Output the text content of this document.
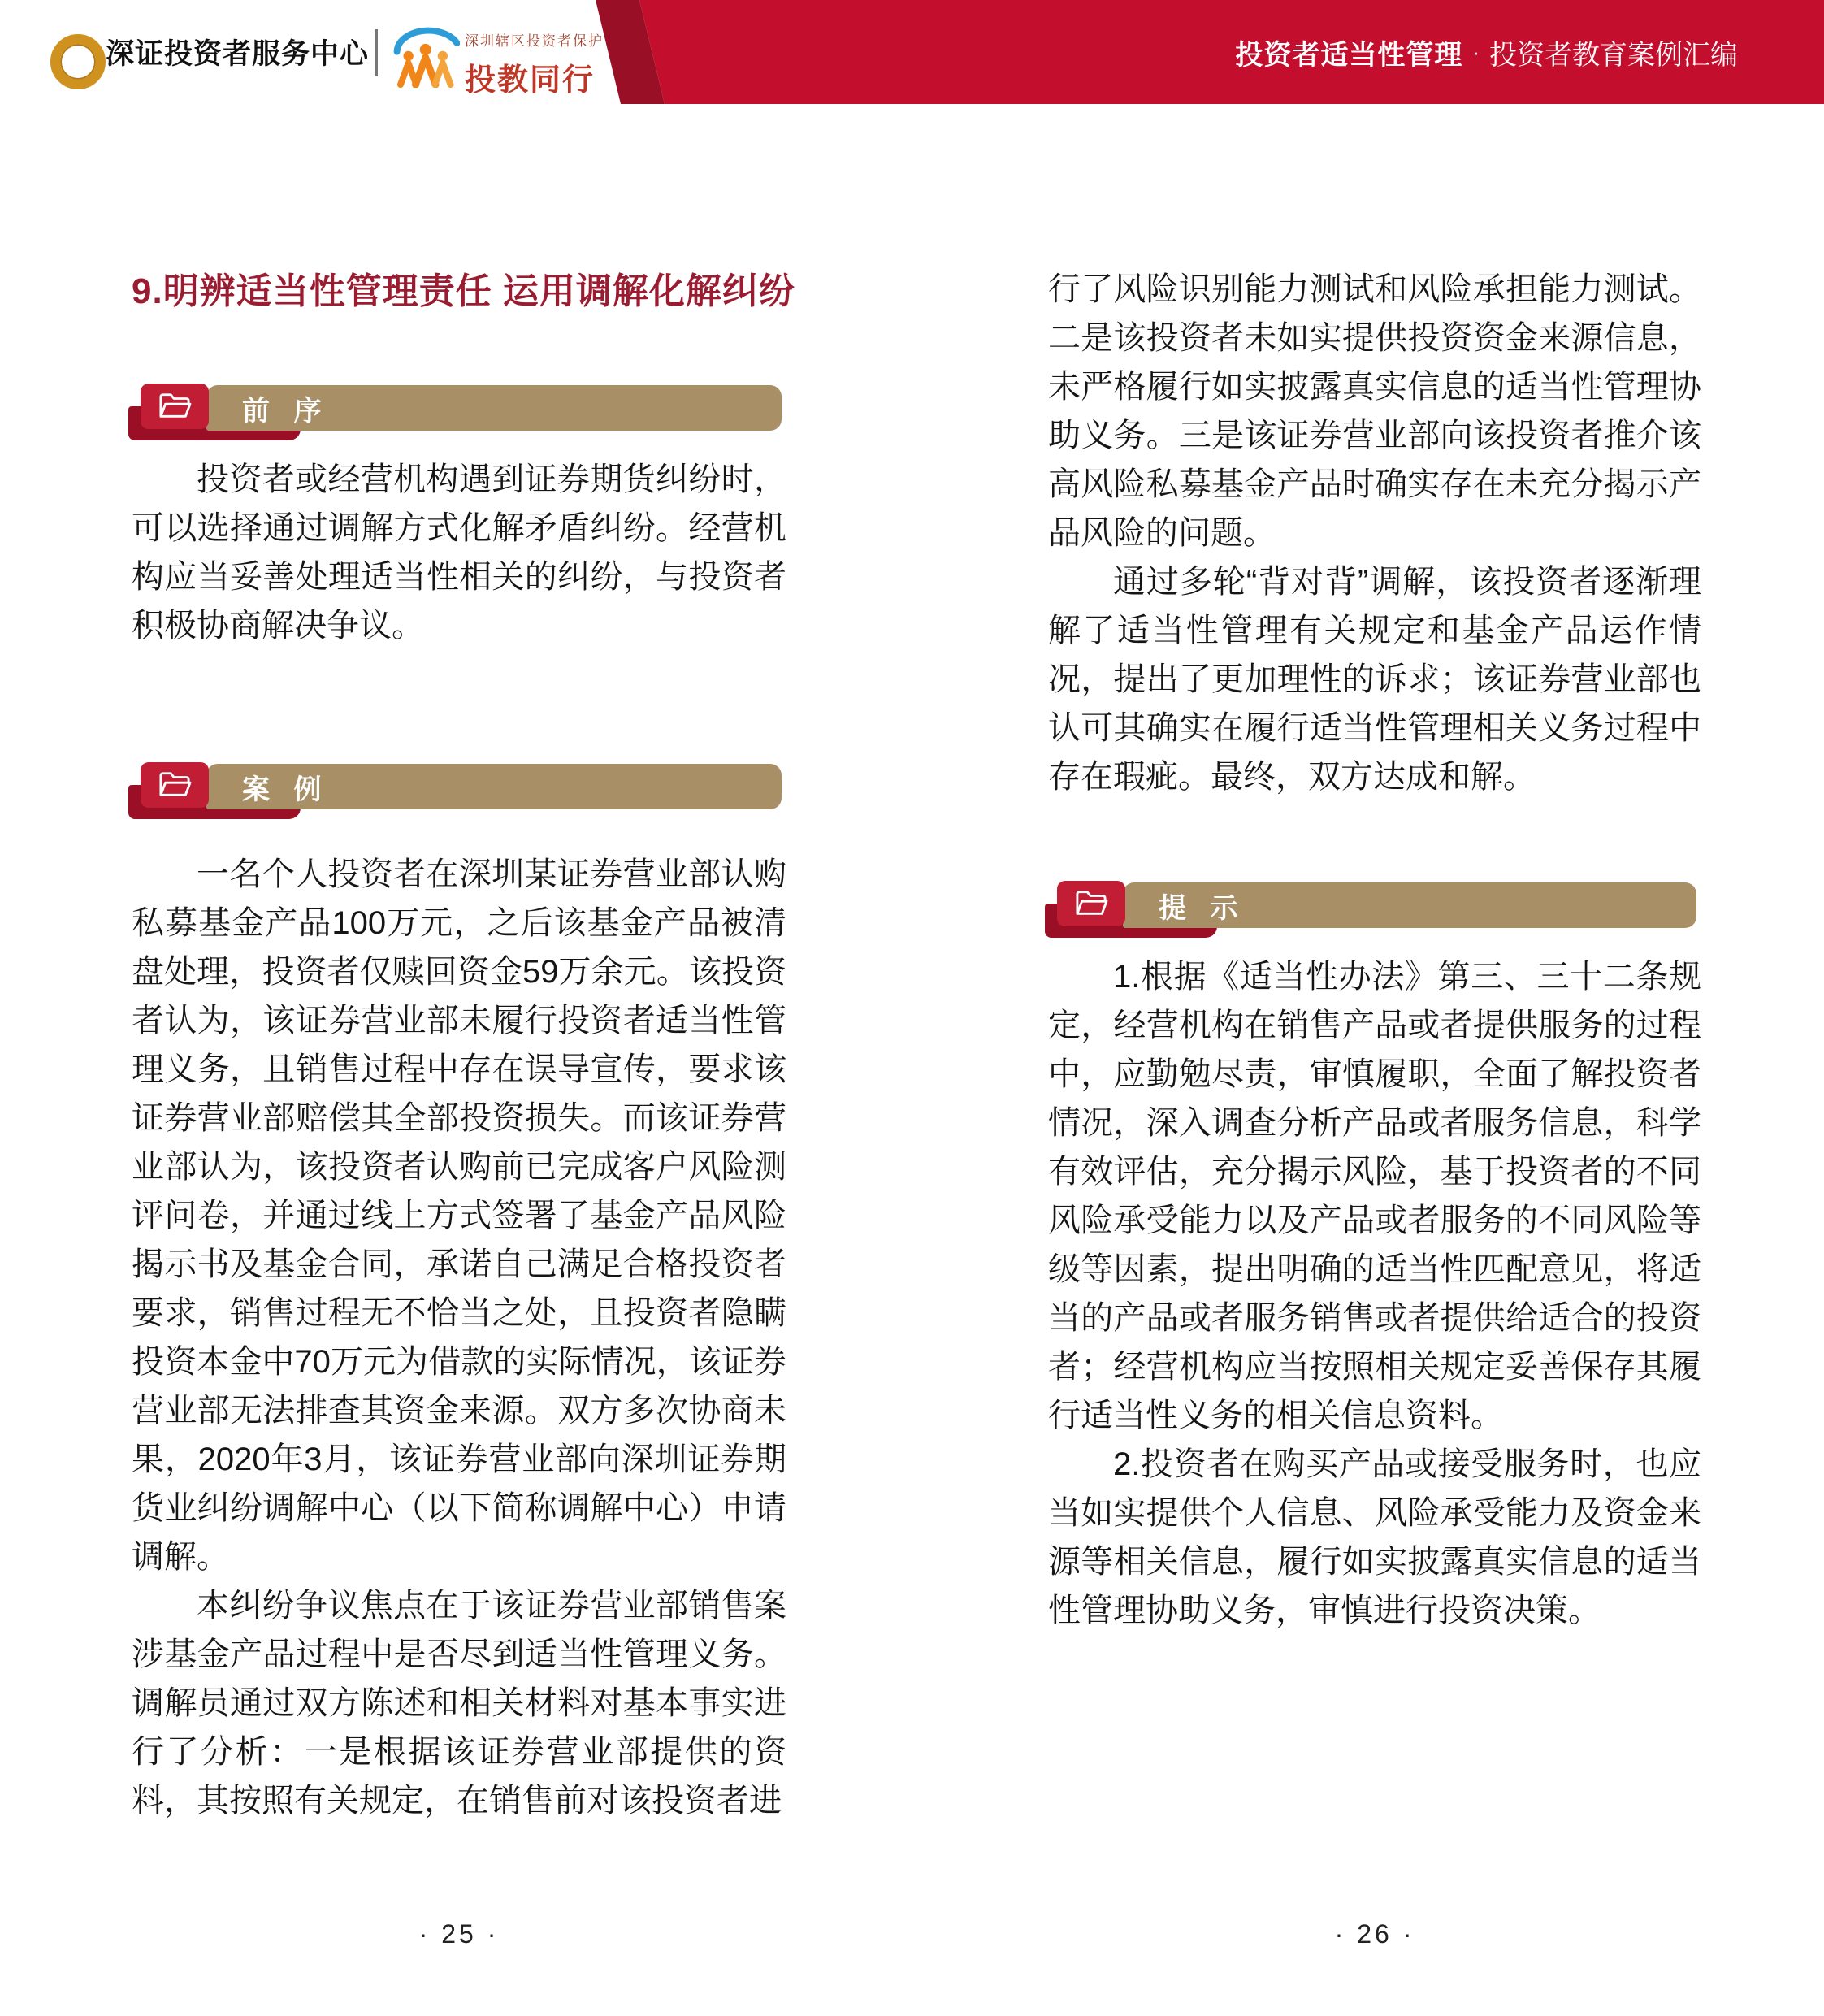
投资者适当性管理 · 投资者教育案例汇编
深证投资者服务中心	深圳辖区投资者保护
投教同行
9.明辨适当性管理责任 运用调解化解纠纷
前 序

投资者或经营机构遇到证券期货纠纷时，可以选择通过调解方式化解矛盾纠纷。经营机构应当妥善处理适当性相关的纠纷，与投资者积极协商解决争议。

案 例

一名个人投资者在深圳某证券营业部认购私募基金产品100万元，之后该基金产品被清盘处理，投资者仅赎回资金59万余元。该投资者认为，该证券营业部未履行投资者适当性管理义务，且销售过程中存在误导宣传，要求该证券营业部赔偿其全部投资损失。而该证券营业部认为，该投资者认购前已完成客户风险测评问卷，并通过线上方式签署了基金产品风险揭示书及基金合同，承诺自己满足合格投资者要求，销售过程无不恰当之处，且投资者隐瞒投资本金中70万元为借款的实际情况，该证券营业部无法排查其资金来源。双方多次协商未果，2020年3月，该证券营业部向深圳证券期货业纠纷调解中心（以下简称调解中心）申请调解。

本纠纷争议焦点在于该证券营业部销售案涉基金产品过程中是否尽到适当性管理义务。调解员通过双方陈述和相关材料对基本事实进行了分析：一是根据该证券营业部提供的资料，其按照有关规定，在销售前对该投资者进

· 25 ·

行了风险识别能力测试和风险承担能力测试。二是该投资者未如实提供投资资金来源信息，未严格履行如实披露真实信息的适当性管理协助义务。三是该证券营业部向该投资者推介该高风险私募基金产品时确实存在未充分揭示产品风险的问题。

通过多轮“背对背”调解，该投资者逐渐理解了适当性管理有关规定和基金产品运作情况，提出了更加理性的诉求；该证券营业部也认可其确实在履行适当性管理相关义务过程中存在瑕疵。最终，双方达成和解。

提 示

1.根据《适当性办法》第三、三十二条规定，经营机构在销售产品或者提供服务的过程中，应勤勉尽责，审慎履职，全面了解投资者情况，深入调查分析产品或者服务信息，科学有效评估，充分揭示风险，基于投资者的不同风险承受能力以及产品或者服务的不同风险等级等因素，提出明确的适当性匹配意见，将适当的产品或者服务销售或者提供给适合的投资者；经营机构应当按照相关规定妥善保存其履行适当性义务的相关信息资料。

2.投资者在购买产品或接受服务时，也应当如实提供个人信息、风险承受能力及资金来源等相关信息，履行如实披露真实信息的适当性管理协助义务，审慎进行投资决策。

· 26 ·
